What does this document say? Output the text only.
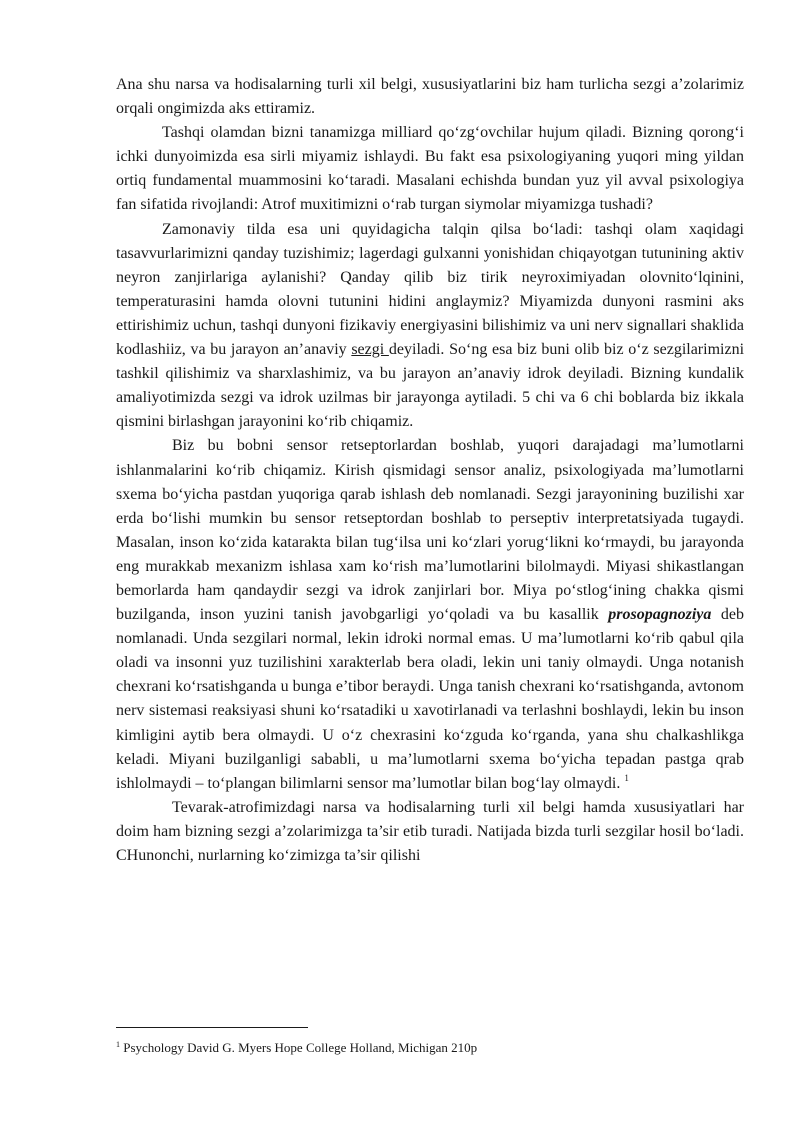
Ana shu narsa va hodisalarning turli xil belgi, xususiyatlarini biz ham turlicha sezgi a’zolarimiz orqali ongimizda aks ettiramiz.

Tashqi olamdan bizni tanamizga milliard qo‘zg‘ovchilar hujum qiladi. Bizning qorong‘i ichki dunyoimizda esa sirli miyamiz ishlaydi. Bu fakt esa psixologiyaning yuqori ming yildan ortiq fundamental muammosini ko‘taradi. Masalani echishda bundan yuz yil avval psixologiya fan sifatida rivojlandi: Atrof muxitimizni o‘rab turgan siymolar miyamizga tushadi?

Zamonaviy tilda esa uni quyidagicha talqin qilsa bo‘ladi: tashqi olam xaqidagi tasavvurlarimizni qanday tuzishimiz; lagerdagi gulxanni yonishidan chiqayotgan tutunining aktiv neyron zanjirlariga aylanishi? Qanday qilib biz tirik neyroximiyadan olovnito‘lqinini, temperaturasini hamda olovni tutunini hidini anglaymiz? Miyamizda dunyoni rasmini aks ettirishimiz uchun, tashqi dunyoni fizikaviy energiyasini bilishimiz va uni nerv signallari shaklida kodlashiiz, va bu jarayon an’anaviy sezgi deyiladi. So‘ng esa biz buni olib biz o‘z sezgilarimizni tashkil qilishimiz va sharxlashimiz, va bu jarayon an’anaviy idrok deyiladi. Bizning kundalik amaliyotimizda sezgi va idrok uzilmas bir jarayonga aytiladi. 5 chi va 6 chi boblarda biz ikkala qismini birlashgan jarayonini ko‘rib chiqamiz.

Biz bu bobni sensor retseptorlardan boshlab, yuqori darajadagi ma’lumotlarni ishlanmalarini ko‘rib chiqamiz. Kirish qismidagi sensor analiz, psixologiyada ma’lumotlarni sxema bo‘yicha pastdan yuqoriga qarab ishlash deb nomlanadi. Sezgi jarayonining buzilishi xar erda bo‘lishi mumkin bu sensor retseptordan boshlab to perseptiv interpretatsiyada tugaydi. Masalan, inson ko‘zida katarakta bilan tug‘ilsa uni ko‘zlari yorug‘likni ko‘rmaydi, bu jarayonda eng murakkab mexanizm ishlasa xam ko‘rish ma’lumotlarini bilolmaydi. Miyasi shikastlangan bemorlarda ham qandaydir sezgi va idrok zanjirlari bor. Miya po‘stlog‘ining chakka qismi buzilganda, inson yuzini tanish javobgarligi yo‘qoladi va bu kasallik prosopagnoziya deb nomlanadi. Unda sezgilari normal, lekin idroki normal emas. U ma’lumotlarni ko‘rib qabul qila oladi va insonni yuz tuzilishini xarakterlab bera oladi, lekin uni taniy olmaydi. Unga notanish chexrani ko‘rsatishganda u bunga e’tibor beraydi. Unga tanish chexrani ko‘rsatishganda, avtonom nerv sistemasi reaksiyasi shuni ko‘rsatadiki u xavotirlanadi va terlashni boshlaydi, lekin bu inson kimligini aytib bera olmaydi. U o‘z chexrasini ko‘zguda ko‘rganda, yana shu chalkashlikga keladi. Miyani buzilganligi sababli, u ma’lumotlarni sxema bo‘yicha tepadan pastga qrab ishlolmaydi – to‘plangan bilimlarni sensor ma’lumotlar bilan bog‘lay olmaydi. $^1$

Tevarak-atrofimizdagi narsa va hodisalarning turli xil belgi hamda xususiyatlari har doim ham bizning sezgi a’zolarimizga ta’sir etib turadi. Natijada bizda turli sezgilar hosil bo‘ladi. CHunonchi, nurlarning ko‘zimizga ta’sir qilishi

$^1$ Psychology David G. Myers Hope College Holland, Michigan 210p
